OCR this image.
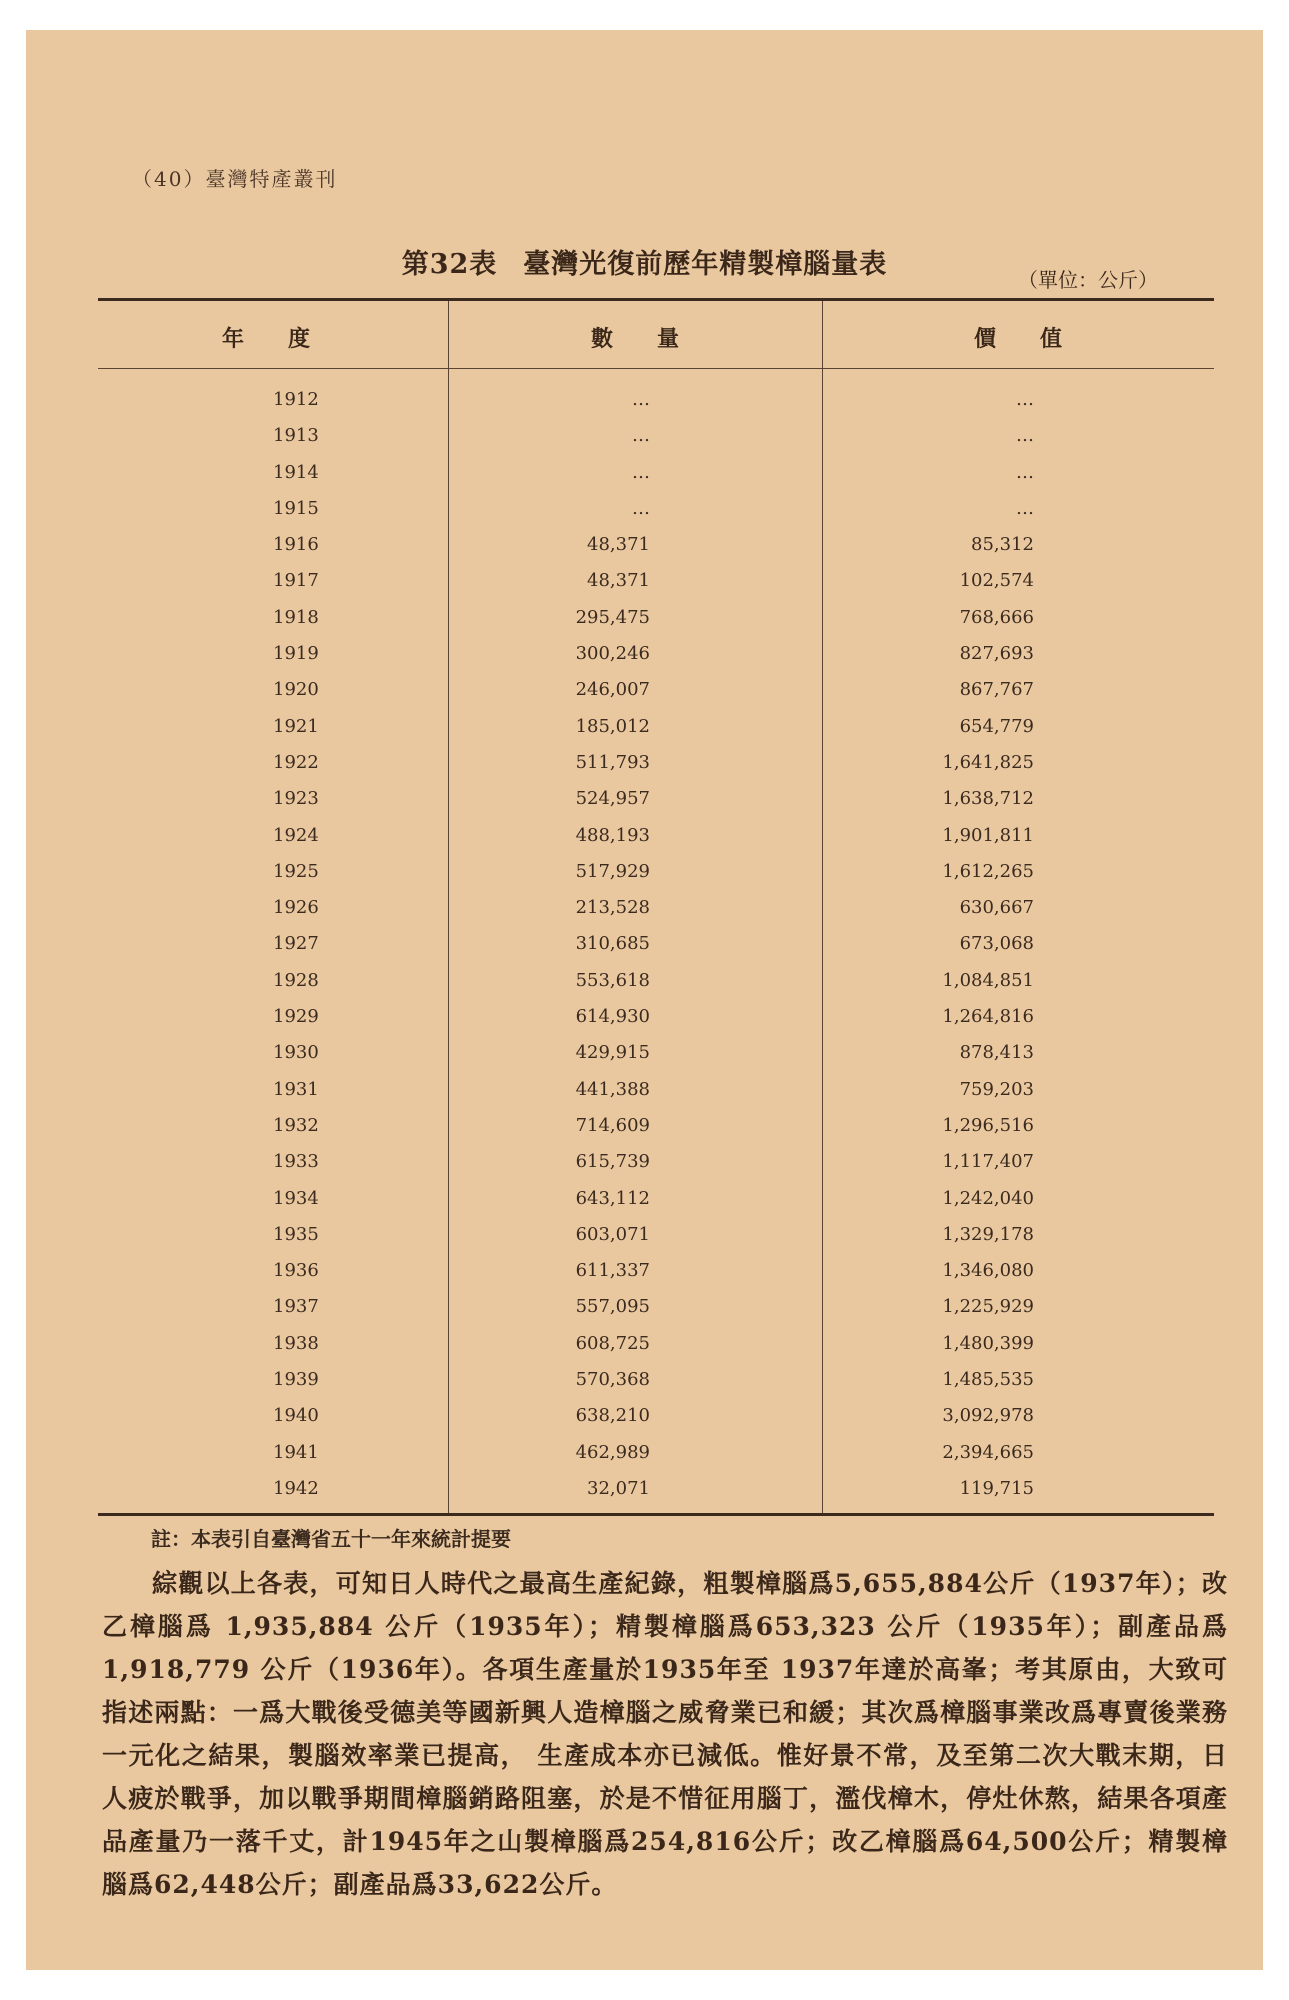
（40）臺灣特產叢刊
第32表 臺灣光復前歷年精製樟腦量表	（單位：公斤）
年　　度	數　　量	價　　值
1912	…	…
1913	…	…
1914	…	…
1915	…	…
1916	48,371	85,312
1917	48,371	102,574
1918	295,475	768,666
1919	300,246	827,693
1920	246,007	867,767
1921	185,012	654,779
1922	511,793	1,641,825
1923	524,957	1,638,712
1924	488,193	1,901,811
1925	517,929	1,612,265
1926	213,528	630,667
1927	310,685	673,068
1928	553,618	1,084,851
1929	614,930	1,264,816
1930	429,915	878,413
1931	441,388	759,203
1932	714,609	1,296,516
1933	615,739	1,117,407
1934	643,112	1,242,040
1935	603,071	1,329,178
1936	611,337	1,346,080
1937	557,095	1,225,929
1938	608,725	1,480,399
1939	570,368	1,485,535
1940	638,210	3,092,978
1941	462,989	2,394,665
1942	32,071	119,715
註：本表引自臺灣省五十一年來統計提要
綜觀以上各表，可知日人時代之最高生產紀錄，粗製樟腦爲5,655,884公斤（1937年）；改乙樟腦爲 1,935,884 公斤（1935年）；精製樟腦爲653,323 公斤（1935年）；副產品爲1,918,779 公斤（1936年）。各項生產量於1935年至 1937年達於高峯；考其原由，大致可指述兩點：一爲大戰後受德美等國新興人造樟腦之威脅業已和緩；其次爲樟腦事業改爲專賣後業務一元化之結果，製腦效率業已提高， 生產成本亦已減低。惟好景不常，及至第二次大戰末期，日人疲於戰爭，加以戰爭期間樟腦銷路阻塞，於是不惜征用腦丁，濫伐樟木，停灶休熬，結果各項產品產量乃一落千丈，計1945年之山製樟腦爲254,816公斤；改乙樟腦爲64,500公斤；精製樟腦爲62,448公斤；副產品爲33,622公斤。
